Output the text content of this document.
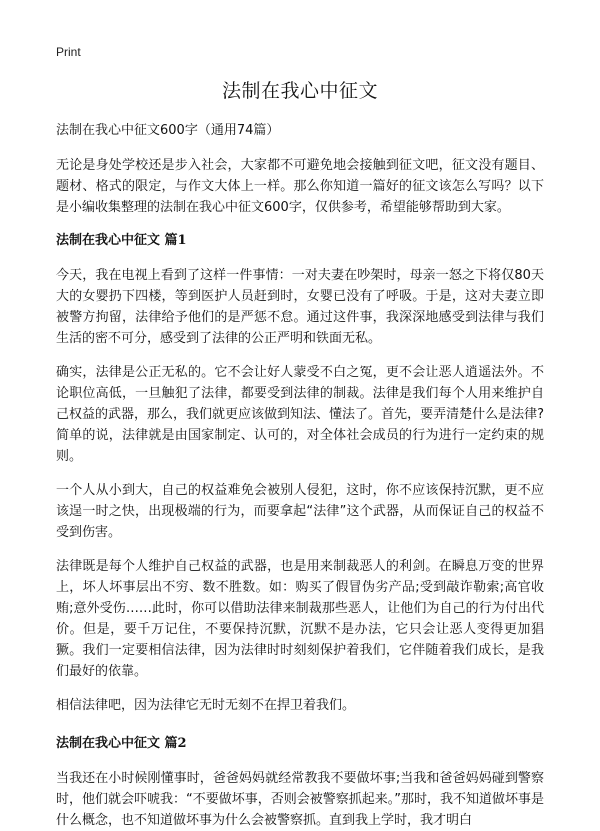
Print
法制在我心中征文
法制在我心中征文600字（通用74篇）

无论是身处学校还是步入社会，大家都不可避免地会接触到征文吧，征文没有题目、题材、格式的限定，与作文大体上一样。那么你知道一篇好的征文该怎么写吗？以下是小编收集整理的法制在我心中征文600字，仅供参考，希望能够帮助到大家。

法制在我心中征文 篇1

今天，我在电视上看到了这样一件事情：一对夫妻在吵架时，母亲一怒之下将仅80天大的女婴扔下四楼，等到医护人员赶到时，女婴已没有了呼吸。于是，这对夫妻立即被警方拘留，法律给予他们的是严惩不怠。通过这件事，我深深地感受到法律与我们生活的密不可分，感受到了法律的公正严明和铁面无私。

确实，法律是公正无私的。它不会让好人蒙受不白之冤，更不会让恶人逍遥法外。不论职位高低，一旦触犯了法律，都要受到法律的制裁。法律是我们每个人用来维护自己权益的武器，那么，我们就更应该做到知法、懂法了。首先，要弄清楚什么是法律?简单的说，法律就是由国家制定、认可的，对全体社会成员的行为进行一定约束的规则。

一个人从小到大，自己的权益难免会被别人侵犯，这时，你不应该保持沉默，更不应该逞一时之快，出现极端的行为，而要拿起“法律”这个武器，从而保证自己的权益不受到伤害。

法律既是每个人维护自己权益的武器，也是用来制裁恶人的利剑。在瞬息万变的世界上，坏人坏事层出不穷、数不胜数。如：购买了假冒伪劣产品;受到敲诈勒索;高官收贿;意外受伤……此时，你可以借助法律来制裁那些恶人，让他们为自己的行为付出代价。但是，要千万记住，不要保持沉默，沉默不是办法，它只会让恶人变得更加猖獗。我们一定要相信法律，因为法律时时刻刻保护着我们，它伴随着我们成长，是我们最好的依靠。

相信法律吧，因为法律它无时无刻不在捍卫着我们。

法制在我心中征文 篇2

当我还在小时候刚懂事时，爸爸妈妈就经常教我不要做坏事;当我和爸爸妈妈碰到警察时，他们就会吓唬我：“不要做坏事，否则会被警察抓起来。”那时，我不知道做坏事是什么概念，也不知道做坏事为什么会被警察抓。直到我上学时，我才明白
